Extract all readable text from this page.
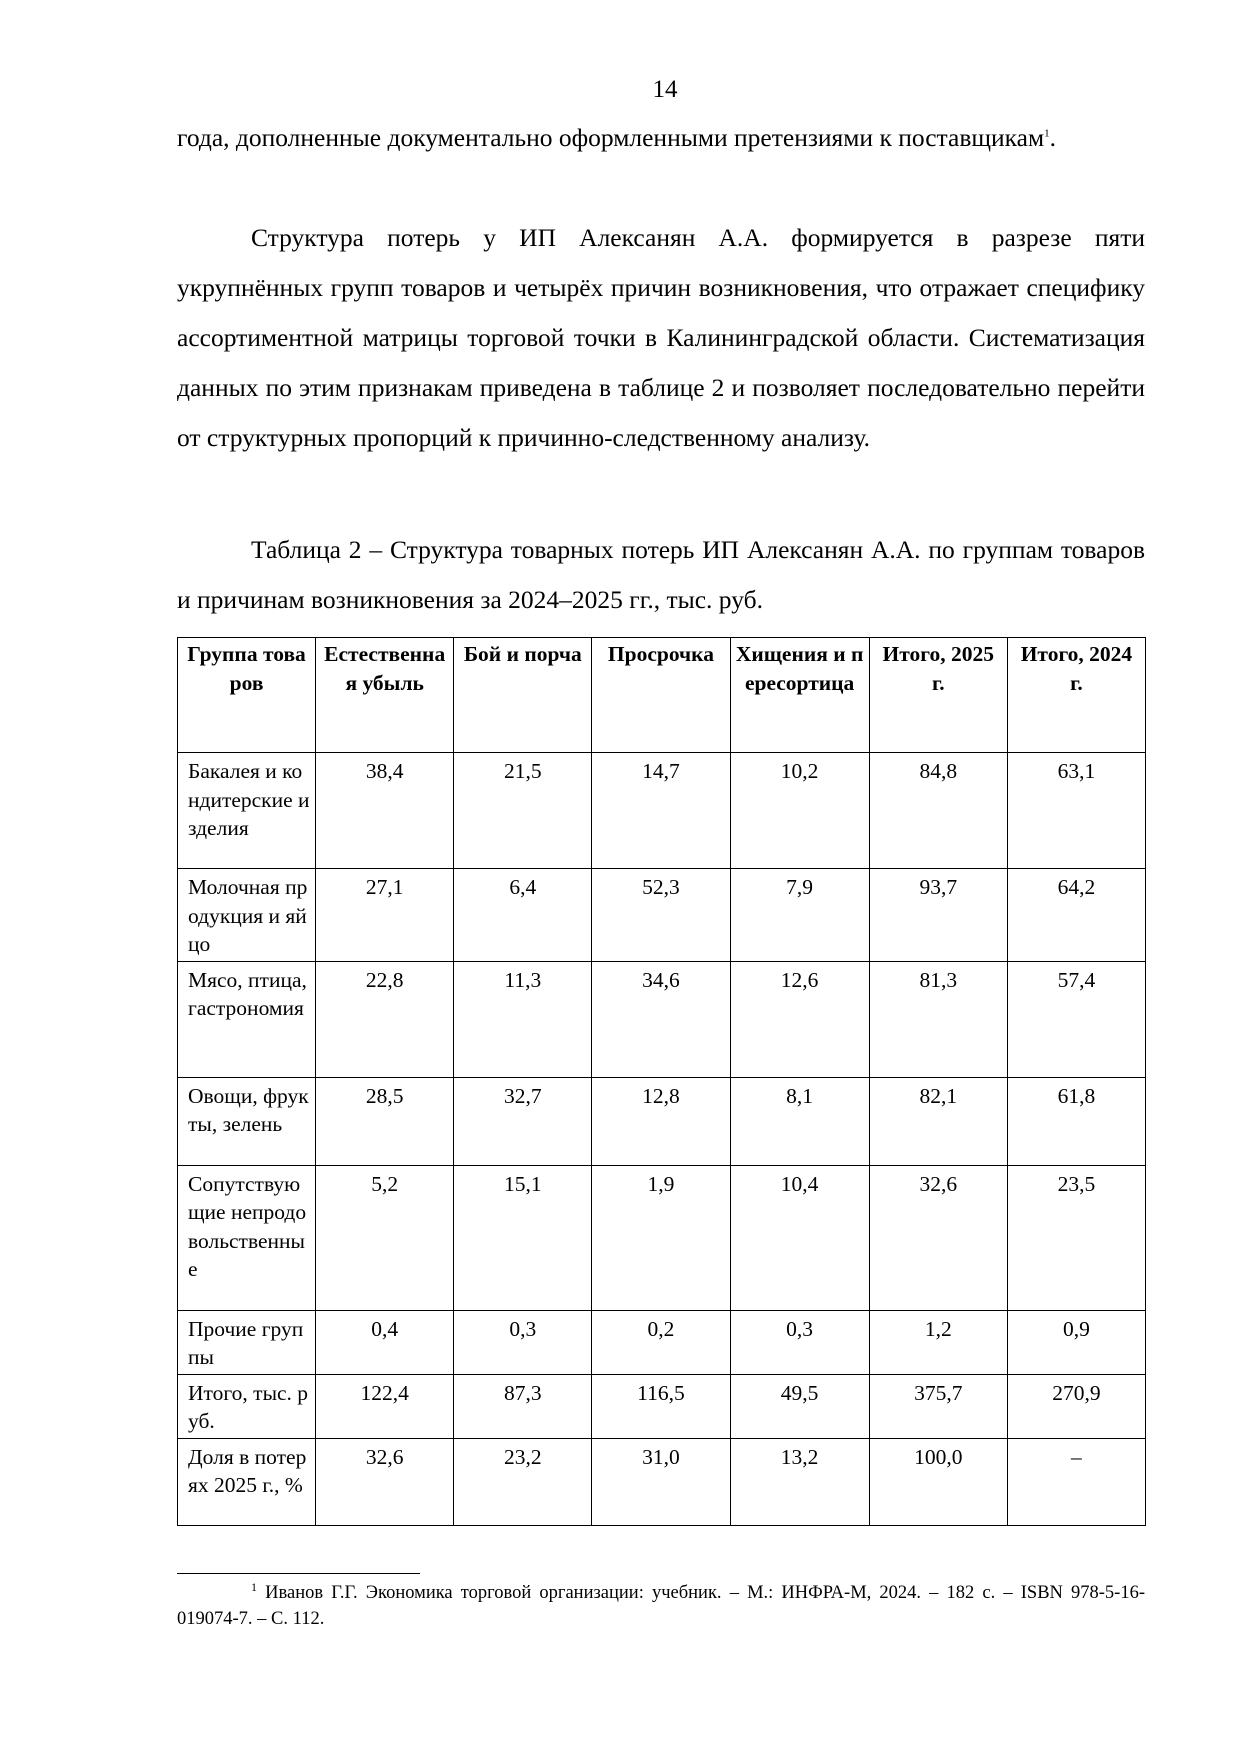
14

года, дополненные документально оформленными претензиями к поставщикам$^1$.

Структура потерь у ИП Алексанян А.А. формируется в разрезе пяти укрупнённых групп товаров и четырёх причин возникновения, что отражает специфику ассортиментной матрицы торговой точки в Калининградской области. Систематизация данных по этим признакам приведена в таблице 2 и позволяет последовательно перейти от структурных пропорций к причинно-следственному анализу.

Таблица 2 – Структура товарных потерь ИП Алексанян А.А. по группам товаров и причинам возникновения за 2024–2025 гг., тыс. руб.

Группа товаров	Естественная убыль	Бой и порча	Просрочка	Хищения и пересортица	Итого, 2025 г.	Итого, 2024 г.
Бакалея и кондитерские изделия	38,4	21,5	14,7	10,2	84,8	63,1
Молочная продукция и яйцо	27,1	6,4	52,3	7,9	93,7	64,2
Мясо, птица, гастрономия	22,8	11,3	34,6	12,6	81,3	57,4
Овощи, фрукты, зелень	28,5	32,7	12,8	8,1	82,1	61,8
Сопутствующие непродовольственные	5,2	15,1	1,9	10,4	32,6	23,5
Прочие группы	0,4	0,3	0,2	0,3	1,2	0,9
Итого, тыс. руб.	122,4	87,3	116,5	49,5	375,7	270,9
Доля в потерях 2025 г., %	32,6	23,2	31,0	13,2	100,0	–

$^1$ Иванов Г.Г. Экономика торговой организации: учебник. – М.: ИНФРА-М, 2024. – 182 с. – ISBN 978-5-16-019074-7. – С. 112.
